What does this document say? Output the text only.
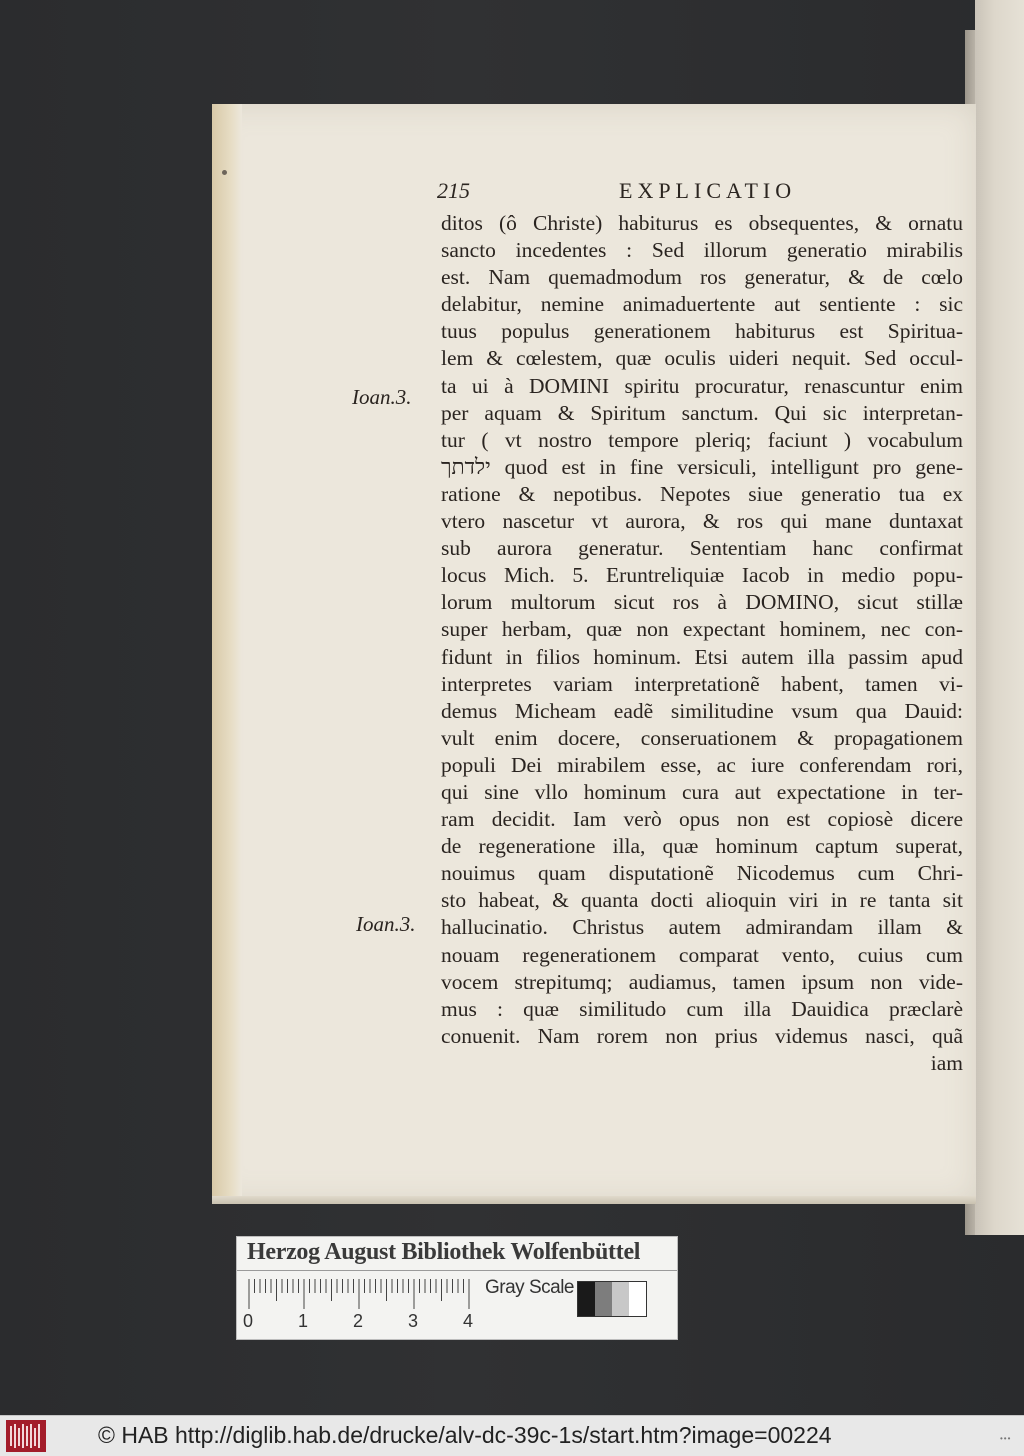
215	EXPLICATIO
ditos (ô Christe) habiturus es obsequentes, & ornatu
sancto incedentes : Sed illorum generatio mirabilis
est. Nam quemadmodum ros generatur, & de cœlo
delabitur, nemine animaduertente aut sentiente : sic
tuus populus generationem habiturus est Spiritua-
lem & cœlestem, quæ oculis uideri nequit. Sed occul-
ta ui à DOMINI spiritu procuratur, renascuntur enim
per aquam & Spiritum sanctum. Qui sic interpretan-
tur ( vt nostro tempore pleriq; faciunt ) vocabulum
ילדתך quod est in fine versiculi, intelligunt pro gene-
ratione & nepotibus. Nepotes siue generatio tua ex
vtero nascetur vt aurora, & ros qui mane duntaxat
sub aurora generatur. Sententiam hanc confirmat
locus Mich. 5. Eruntreliquiæ Iacob in medio popu-
lorum multorum sicut ros à DOMINO, sicut stillæ
super herbam, quæ non expectant hominem, nec con-
fidunt in filios hominum. Etsi autem illa passim apud
interpretes variam interpretationẽ habent, tamen vi-
demus Micheam eadẽ similitudine vsum qua Dauid:
vult enim docere, conseruationem & propagationem
populi Dei mirabilem esse, ac iure conferendam rori,
qui sine vllo hominum cura aut expectatione in ter-
ram decidit. Iam verò opus non est copiosè dicere
de regeneratione illa, quæ hominum captum superat,
nouimus quam disputationẽ Nicodemus cum Chri-
sto habeat, & quanta docti alioquin viri in re tanta sit
hallucinatio. Christus autem admirandam illam &
nouam regenerationem comparat vento, cuius cum
vocem strepitumq; audiamus, tamen ipsum non vide-
mus : quæ similitudo cum illa Dauidica præclarè
conuenit. Nam rorem non prius videmus nasci, quã
iam
Ioan.3.
Ioan.3.
Herzog August Bibliothek Wolfenbüttel
0 1 2 3 4
Gray Scale
© HAB http://diglib.hab.de/drucke/alv-dc-39c-1s/start.htm?image=00224	•••
